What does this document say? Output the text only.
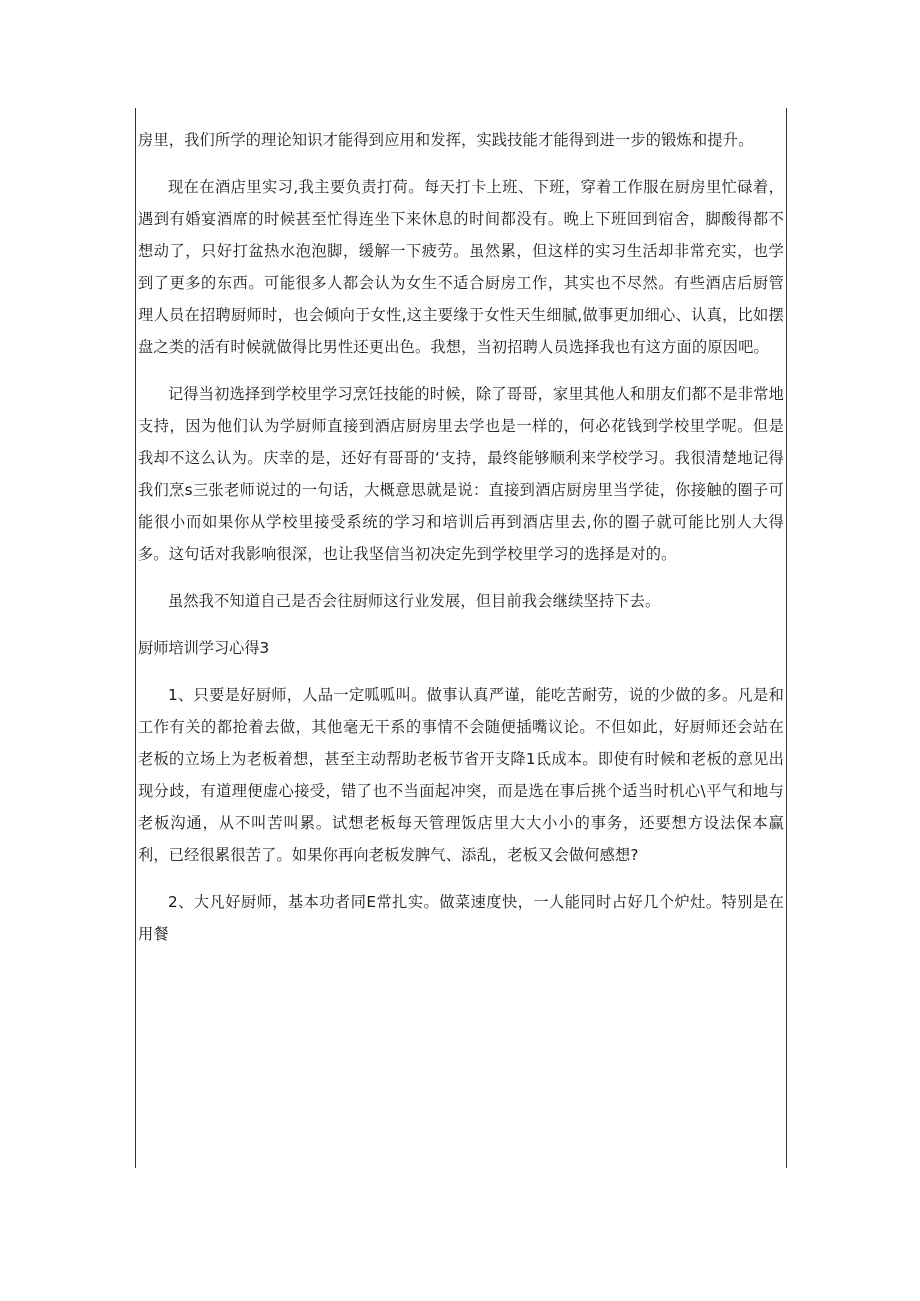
房里，我们所学的理论知识才能得到应用和发挥，实践技能才能得到进一步的锻炼和提升。

现在在酒店里实习,我主要负责打荷。每天打卡上班、下班，穿着工作服在厨房里忙碌着，遇到有婚宴酒席的时候甚至忙得连坐下来休息的时间都没有。晚上下班回到宿舍，脚酸得都不想动了，只好打盆热水泡泡脚，缓解一下疲劳。虽然累，但这样的实习生活却非常充实，也学到了更多的东西。可能很多人都会认为女生不适合厨房工作，其实也不尽然。有些酒店后厨管理人员在招聘厨师时，也会倾向于女性,这主要缘于女性天生细腻,做事更加细心、认真，比如摆盘之类的活有时候就做得比男性还更出色。我想，当初招聘人员选择我也有这方面的原因吧。

记得当初选择到学校里学习烹饪技能的时候，除了哥哥，家里其他人和朋友们都不是非常地支持，因为他们认为学厨师直接到酒店厨房里去学也是一样的，何必花钱到学校里学呢。但是我却不这么认为。庆幸的是，还好有哥哥的‘支持，最终能够顺利来学校学习。我很清楚地记得我们烹s三张老师说过的一句话，大概意思就是说：直接到酒店厨房里当学徒，你接触的圈子可能很小而如果你从学校里接受系统的学习和培训后再到酒店里去,你的圈子就可能比别人大得多。这句话对我影响很深，也让我坚信当初决定先到学校里学习的选择是对的。

虽然我不知道自己是否会往厨师这行业发展，但目前我会继续坚持下去。

厨师培训学习心得3

1、只要是好厨师，人品一定呱呱叫。做事认真严谨，能吃苦耐劳，说的少做的多。凡是和工作有关的都抢着去做，其他毫无干系的事情不会随便插嘴议论。不但如此，好厨师还会站在老板的立场上为老板着想，甚至主动帮助老板节省开支降1氐成本。即使有时候和老板的意见出现分歧，有道理便虚心接受，错了也不当面起冲突，而是选在事后挑个适当时机心\平气和地与老板沟通，从不叫苦叫累。试想老板每天管理饭店里大大小小的事务，还要想方设法保本赢利，已经很累很苦了。如果你再向老板发脾气、添乱，老板又会做何感想?

2、大凡好厨师，基本功者同E常扎实。做菜速度快，一人能同时占好几个炉灶。特别是在用餐
